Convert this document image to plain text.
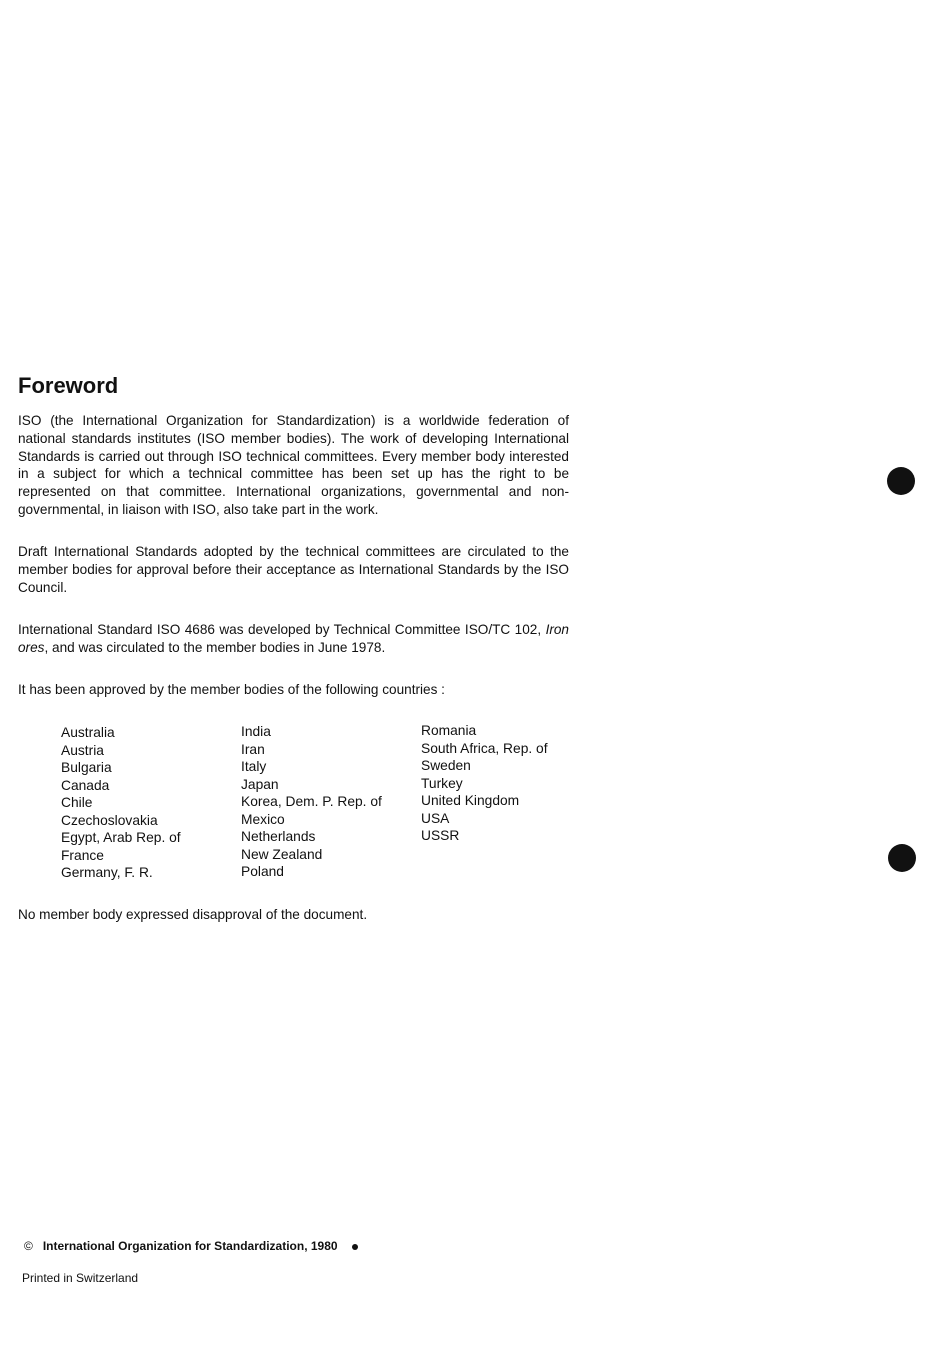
Foreword

ISO (the International Organization for Standardization) is a worldwide federation of national standards institutes (ISO member bodies). The work of developing International Standards is carried out through ISO technical committees. Every member body interested in a subject for which a technical committee has been set up has the right to be represented on that committee. International organizations, governmental and non-governmental, in liaison with ISO, also take part in the work.

Draft International Standards adopted by the technical committees are circulated to the member bodies for approval before their acceptance as International Standards by the ISO Council.

International Standard ISO 4686 was developed by Technical Committee ISO/TC 102, Iron ores, and was circulated to the member bodies in June 1978.

It has been approved by the member bodies of the following countries :

Australia
Austria
Bulgaria
Canada
Chile
Czechoslovakia
Egypt, Arab Rep. of
France
Germany, F. R.
India
Iran
Italy
Japan
Korea, Dem. P. Rep. of
Mexico
Netherlands
New Zealand
Poland
Romania
South Africa, Rep. of
Sweden
Turkey
United Kingdom
USA
USSR

No member body expressed disapproval of the document.

© International Organization for Standardization, 1980

Printed in Switzerland
